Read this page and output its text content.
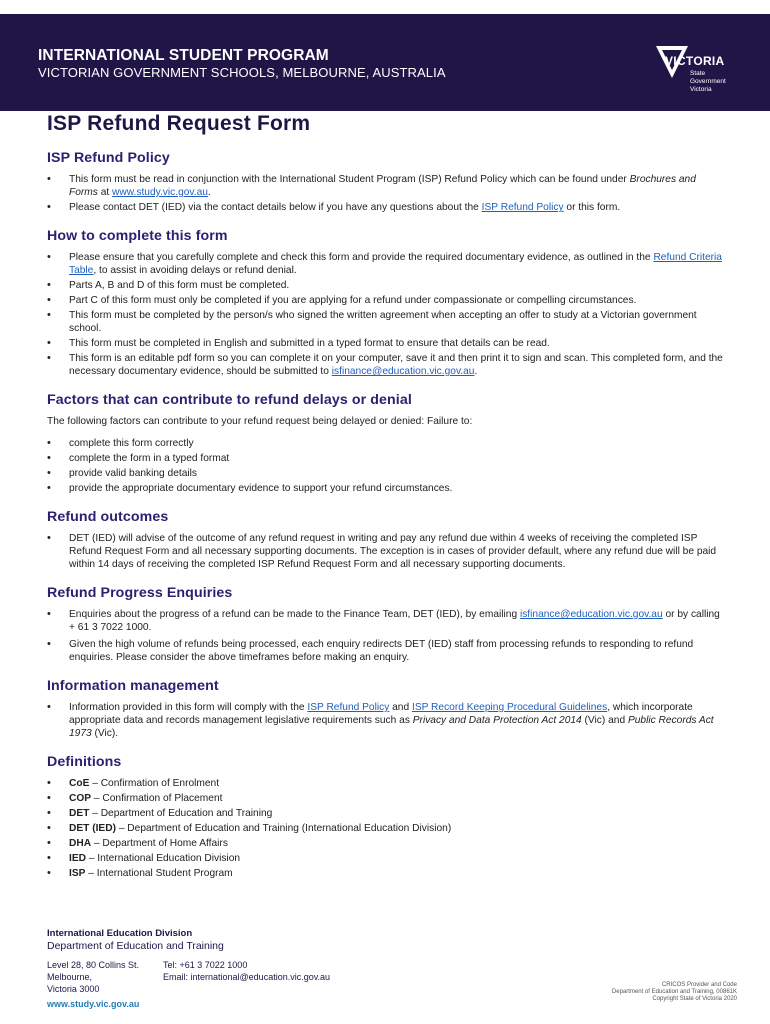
INTERNATIONAL STUDENT PROGRAM
VICTORIAN GOVERNMENT SCHOOLS, MELBOURNE, AUSTRALIA
VICTORIA
State
Government
Victoria
ISP Refund Request Form
ISP Refund Policy
• This form must be read in conjunction with the International Student Program (ISP) Refund Policy which can be found under Brochures and Forms at www.study.vic.gov.au.
• Please contact DET (IED) via the contact details below if you have any questions about the ISP Refund Policy or this form.
How to complete this form
• Please ensure that you carefully complete and check this form and provide the required documentary evidence, as outlined in the Refund Criteria Table, to assist in avoiding delays or refund denial.
• Parts A, B and D of this form must be completed.
• Part C of this form must only be completed if you are applying for a refund under compassionate or compelling circumstances.
• This form must be completed by the person/s who signed the written agreement when accepting an offer to study at a Victorian government school.
• This form must be completed in English and submitted in a typed format to ensure that details can be read.
• This form is an editable pdf form so you can complete it on your computer, save it and then print it to sign and scan. This completed form, and the necessary documentary evidence, should be submitted to isfinance@education.vic.gov.au.
Factors that can contribute to refund delays or denial

The following factors can contribute to your refund request being delayed or denied: Failure to:

• complete this form correctly
• complete the form in a typed format
• provide valid banking details
• provide the appropriate documentary evidence to support your refund circumstances.
Refund outcomes
• DET (IED) will advise of the outcome of any refund request in writing and pay any refund due within 4 weeks of receiving the completed ISP Refund Request Form and all necessary supporting documents. The exception is in cases of provider default, where any refund due will be paid within 14 days of receiving the completed ISP Refund Request Form and all necessary supporting documents.
Refund Progress Enquiries
• Enquiries about the progress of a refund can be made to the Finance Team, DET (IED), by emailing isfinance@education.vic.gov.au or by calling + 61 3 7022 1000.
• Given the high volume of refunds being processed, each enquiry redirects DET (IED) staff from processing refunds to responding to refund enquiries. Please consider the above timeframes before making an enquiry.
Information management
• Information provided in this form will comply with the ISP Refund Policy and ISP Record Keeping Procedural Guidelines, which incorporate appropriate data and records management legislative requirements such as Privacy and Data Protection Act 2014 (Vic) and Public Records Act 1973 (Vic).
Definitions
• CoE – Confirmation of Enrolment
• COP – Confirmation of Placement
• DET – Department of Education and Training
• DET (IED) – Department of Education and Training (International Education Division)
• DHA – Department of Home Affairs
• IED – International Education Division
• ISP – International Student Program
International Education Division
Department of Education and Training
Level 28, 80 Collins St.
Melbourne,
Victoria 3000
Tel: +61 3 7022 1000
Email: international@education.vic.gov.au
www.study.vic.gov.au
CRICOS Provider and Code
Department of Education and Training, 00861K
Copyright State of Victoria 2020
